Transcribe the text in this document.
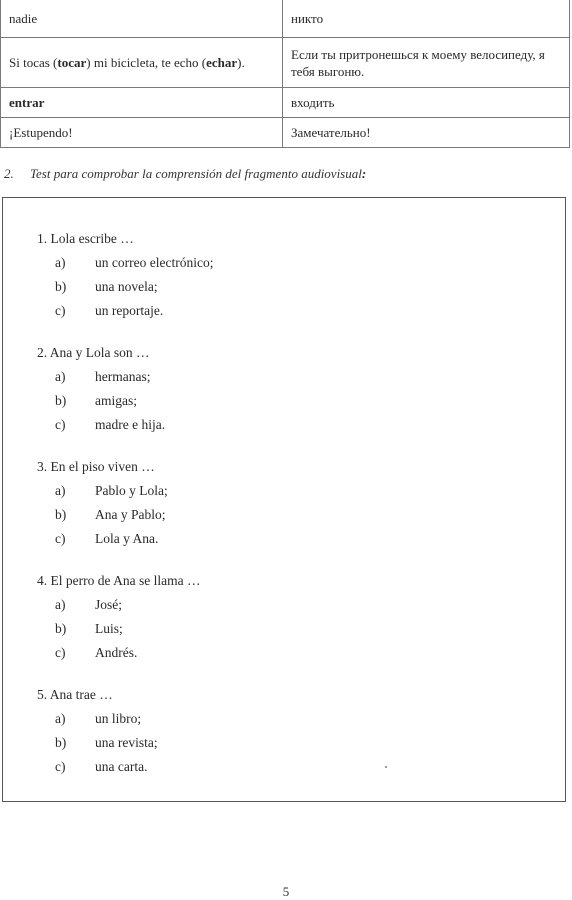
nadie	никто
Si tocas (tocar) mi bicicleta, te echo (echar).	Если ты притронешься к моему велосипеду, я тебя выгоню.
entrar	входить
¡Estupendo!	Замечательно!
2. Test para comprobar la comprensión del fragmento audiovisual:
1. Lola escribe …
a) un correo electrónico;
b) una novela;
c) un reportaje.
2. Ana y Lola son …
a) hermanas;
b) amigas;
c) madre e hija.
3. En el piso viven …
a) Pablo y Lola;
b) Ana y Pablo;
c) Lola y Ana.
4. El perro de Ana se llama …
a) José;
b) Luis;
c) Andrés.
5. Ana trae …
a) un libro;
b) una revista;
c) una carta.
5
